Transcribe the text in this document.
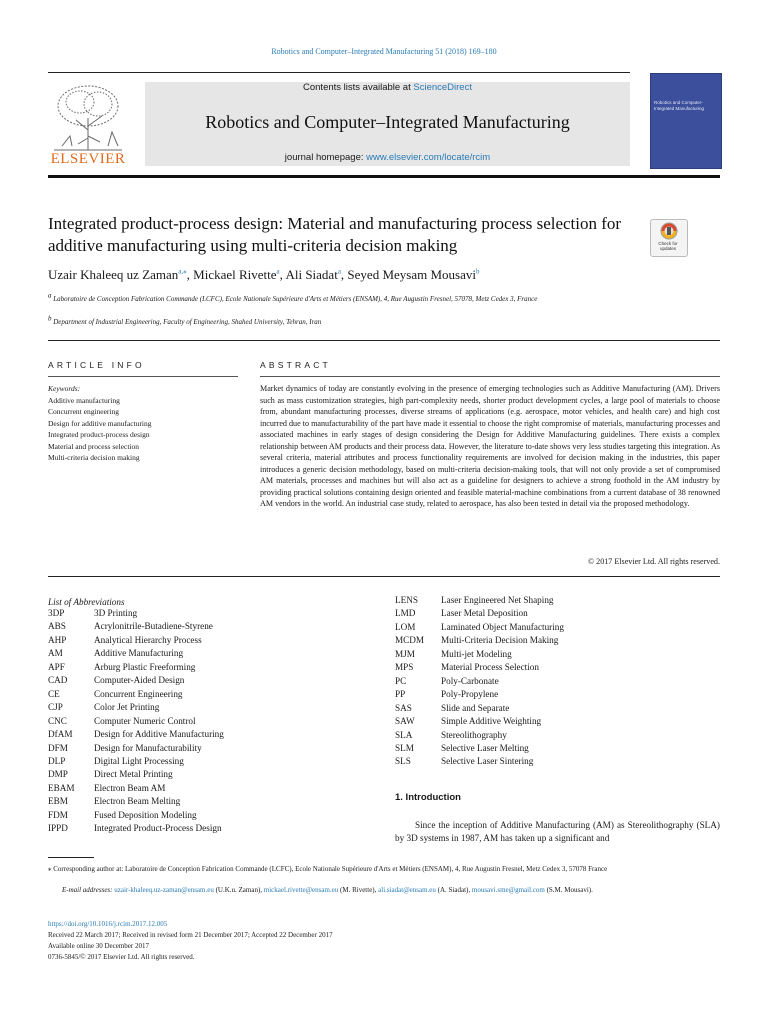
Robotics and Computer–Integrated Manufacturing 51 (2018) 169–180
ELSEVIER
Contents lists available at ScienceDirect
Robotics and Computer–Integrated Manufacturing
journal homepage: www.elsevier.com/locate/rcim
Robotics and Computer-Integrated Manufacturing
Integrated product-process design: Material and manufacturing process selection for additive manufacturing using multi-criteria decision making	Check for updates
Uzair Khaleeq uz Zaman$^{a,⁎}$, Mickael Rivette$^a$, Ali Siadat$^a$, Seyed Meysam Mousavi$^b$
$^a$ Laboratoire de Conception Fabrication Commande (LCFC), Ecole Nationale Supérieure d'Arts et Métiers (ENSAM), 4, Rue Augustin Fresnel, 57078, Metz Cedex 3, France
$^b$ Department of Industrial Engineering, Faculty of Engineering, Shahed University, Tehran, Iran
ARTICLE INFO
Keywords:
Additive manufacturing
Concurrent engineering
Design for additive manufacturing
Integrated product-process design
Material and process selection
Multi-criteria decision making
ABSTRACT
Market dynamics of today are constantly evolving in the presence of emerging technologies such as Additive Manufacturing (AM). Drivers such as mass customization strategies, high part-complexity needs, shorter product development cycles, a large pool of materials to choose from, abundant manufacturing processes, diverse streams of applications (e.g. aerospace, motor vehicles, and health care) and high cost incurred due to manufacturability of the part have made it essential to choose the right compromise of materials, manufacturing processes and associated machines in early stages of design considering the Design for Additive Manufacturing guidelines. There exists a complex relationship between AM products and their process data. However, the literature to-date shows very less studies targeting this integration. As several criteria, material attributes and process functionality requirements are involved for decision making in the industries, this paper introduces a generic decision methodology, based on multi-criteria decision-making tools, that will not only provide a set of compromised AM materials, processes and machines but will also act as a guideline for designers to achieve a strong foothold in the AM industry by providing practical solutions containing design oriented and feasible material-machine combinations from a current database of 38 renowned AM vendors in the world. An industrial case study, related to aerospace, has also been tested in detail via the proposed methodology.
© 2017 Elsevier Ltd. All rights reserved.
List of Abbreviations
3DP	3D Printing
ABS	Acrylonitrile-Butadiene-Styrene
AHP	Analytical Hierarchy Process
AM	Additive Manufacturing
APF	Arburg Plastic Freeforming
CAD	Computer-Aided Design
CE	Concurrent Engineering
CJP	Color Jet Printing
CNC	Computer Numeric Control
DfAM	Design for Additive Manufacturing
DFM	Design for Manufacturability
DLP	Digital Light Processing
DMP	Direct Metal Printing
EBAM	Electron Beam AM
EBM	Electron Beam Melting
FDM	Fused Deposition Modeling
IPPD	Integrated Product-Process Design
LENS	Laser Engineered Net Shaping
LMD	Laser Metal Deposition
LOM	Laminated Object Manufacturing
MCDM	Multi-Criteria Decision Making
MJM	Multi-jet Modeling
MPS	Material Process Selection
PC	Poly-Carbonate
PP	Poly-Propylene
SAS	Slide and Separate
SAW	Simple Additive Weighting
SLA	Stereolithography
SLM	Selective Laser Melting
SLS	Selective Laser Sintering
1. Introduction
Since the inception of Additive Manufacturing (AM) as Stereolithography (SLA) by 3D systems in 1987, AM has taken up a significant and
⁎ Corresponding author at: Laboratoire de Conception Fabrication Commande (LCFC), Ecole Nationale Supérieure d'Arts et Métiers (ENSAM), 4, Rue Augustin Fresnel, Metz Cedex 3, 57078 France
E-mail addresses: uzair-khaleeq.uz-zaman@ensam.eu (U.K.u. Zaman), mickael.rivette@ensam.eu (M. Rivette), ali.siadat@ensam.eu (A. Siadat), mousavi.sme@gmail.com (S.M. Mousavi).
https://doi.org/10.1016/j.rcim.2017.12.005
Received 22 March 2017; Received in revised form 21 December 2017; Accepted 22 December 2017
Available online 30 December 2017
0736-5845/© 2017 Elsevier Ltd. All rights reserved.
